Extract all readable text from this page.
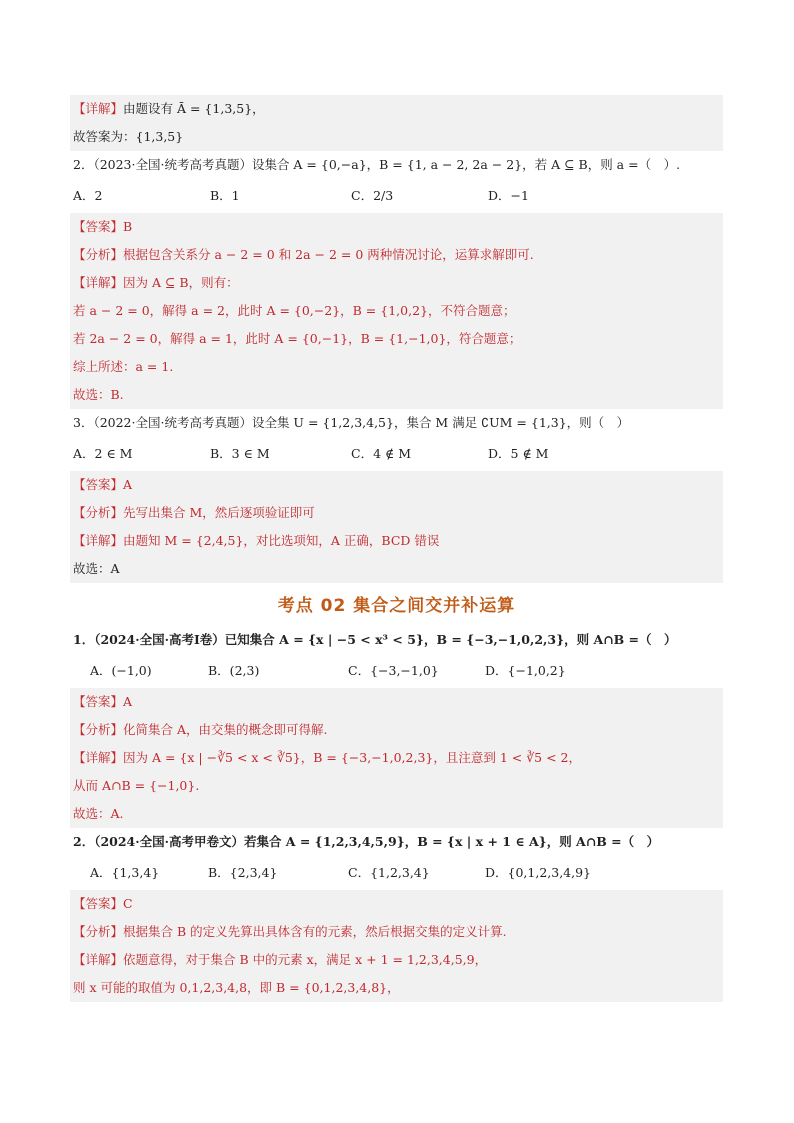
【详解】由题设有 Ā = {1,3,5}，
故答案为：{1,3,5}
2．（2023·全国·统考高考真题）设集合 A = {0,−a}，B = {1, a − 2, 2a − 2}，若 A ⊆ B，则 a =（　）.
A．2	B．1	C．2/3	D．−1
【答案】B
【分析】根据包含关系分 a − 2 = 0 和 2a − 2 = 0 两种情况讨论，运算求解即可.
【详解】因为 A ⊆ B，则有：
若 a − 2 = 0，解得 a = 2，此时 A = {0,−2}，B = {1,0,2}，不符合题意；
若 2a − 2 = 0，解得 a = 1，此时 A = {0,−1}，B = {1,−1,0}，符合题意；
综上所述：a = 1.
故选：B.
3．（2022·全国·统考高考真题）设全集 U = {1,2,3,4,5}，集合 M 满足 ∁UM = {1,3}，则（　）
A．2 ∈ M	B．3 ∈ M	C．4 ∉ M	D．5 ∉ M
【答案】A
【分析】先写出集合 M，然后逐项验证即可
【详解】由题知 M = {2,4,5}，对比选项知，A 正确，BCD 错误
故选：A
考点 02 集合之间交并补运算
1．（2024·全国·高考Ⅰ卷）已知集合 A = {x | −5 < x³ < 5}，B = {−3,−1,0,2,3}，则 A∩B =（　）
A．(−1,0)	B．(2,3)	C．{−3,−1,0}	D．{−1,0,2}
【答案】A
【分析】化简集合 A，由交集的概念即可得解.
【详解】因为 A = {x | −∛5 < x < ∛5}，B = {−3,−1,0,2,3}，且注意到 1 < ∛5 < 2，
从而 A∩B = {−1,0}.
故选：A.
2．（2024·全国·高考甲卷文）若集合 A = {1,2,3,4,5,9}，B = {x | x + 1 ∈ A}，则 A∩B =（　）
A．{1,3,4}	B．{2,3,4}	C．{1,2,3,4}	D．{0,1,2,3,4,9}
【答案】C
【分析】根据集合 B 的定义先算出具体含有的元素，然后根据交集的定义计算.
【详解】依题意得，对于集合 B 中的元素 x，满足 x + 1 = 1,2,3,4,5,9，
则 x 可能的取值为 0,1,2,3,4,8，即 B = {0,1,2,3,4,8}，
